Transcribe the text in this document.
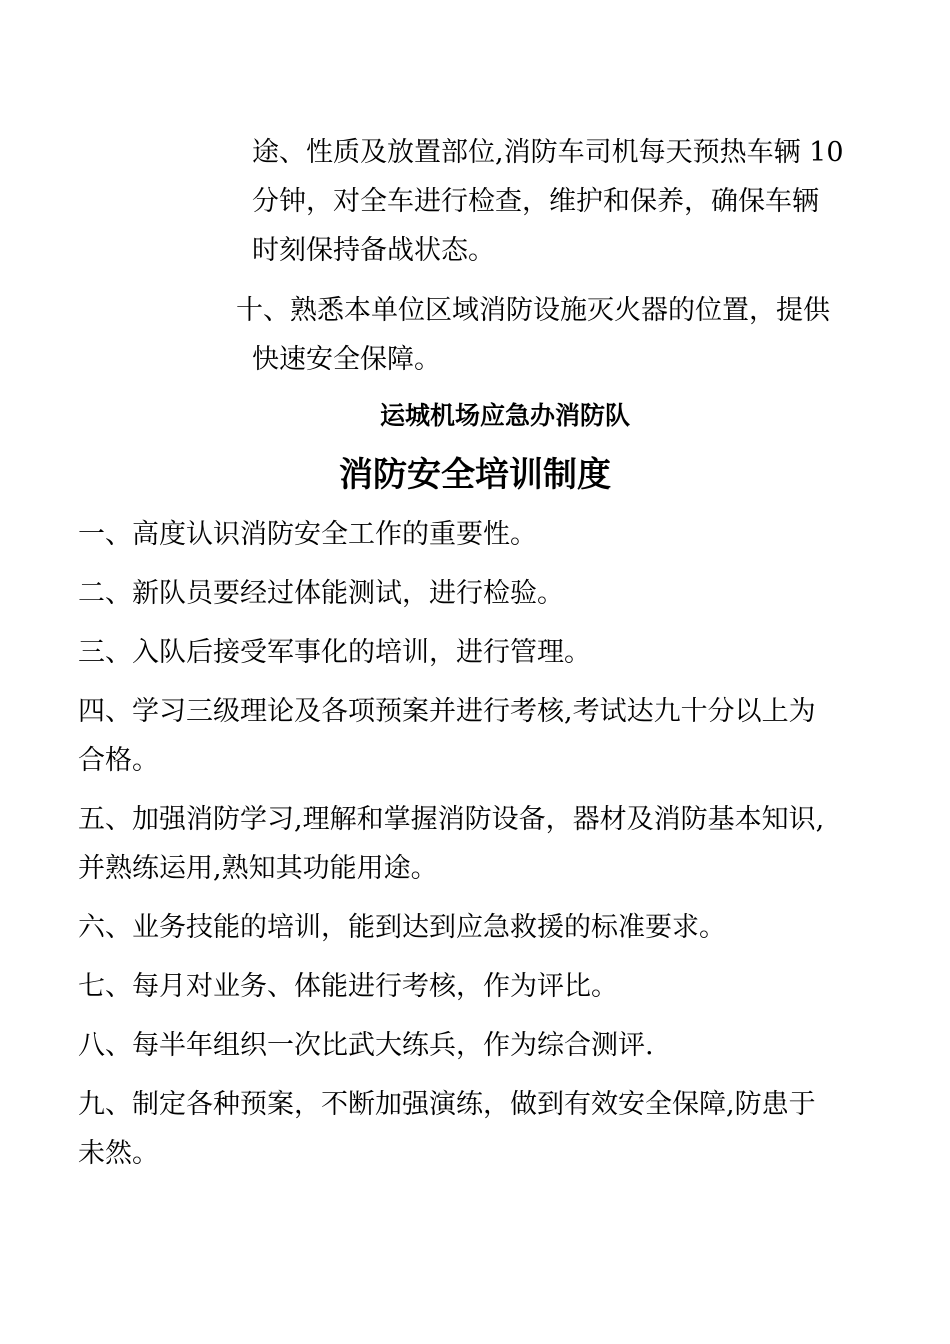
途、性质及放置部位,消防车司机每天预热车辆 10
分钟，对全车进行检查，维护和保养，确保车辆
时刻保持备战状态。
十、熟悉本单位区域消防设施灭火器的位置，提供
快速安全保障。
运城机场应急办消防队
消防安全培训制度
一、高度认识消防安全工作的重要性。
二、新队员要经过体能测试，进行检验。
三、入队后接受军事化的培训，进行管理。
四、学习三级理论及各项预案并进行考核,考试达九十分以上为
合格。
五、加强消防学习,理解和掌握消防设备，器材及消防基本知识,
并熟练运用,熟知其功能用途。
六、业务技能的培训，能到达到应急救援的标准要求。
七、每月对业务、体能进行考核，作为评比。
八、每半年组织一次比武大练兵，作为综合测评.
九、制定各种预案，不断加强演练，做到有效安全保障,防患于
未然。
